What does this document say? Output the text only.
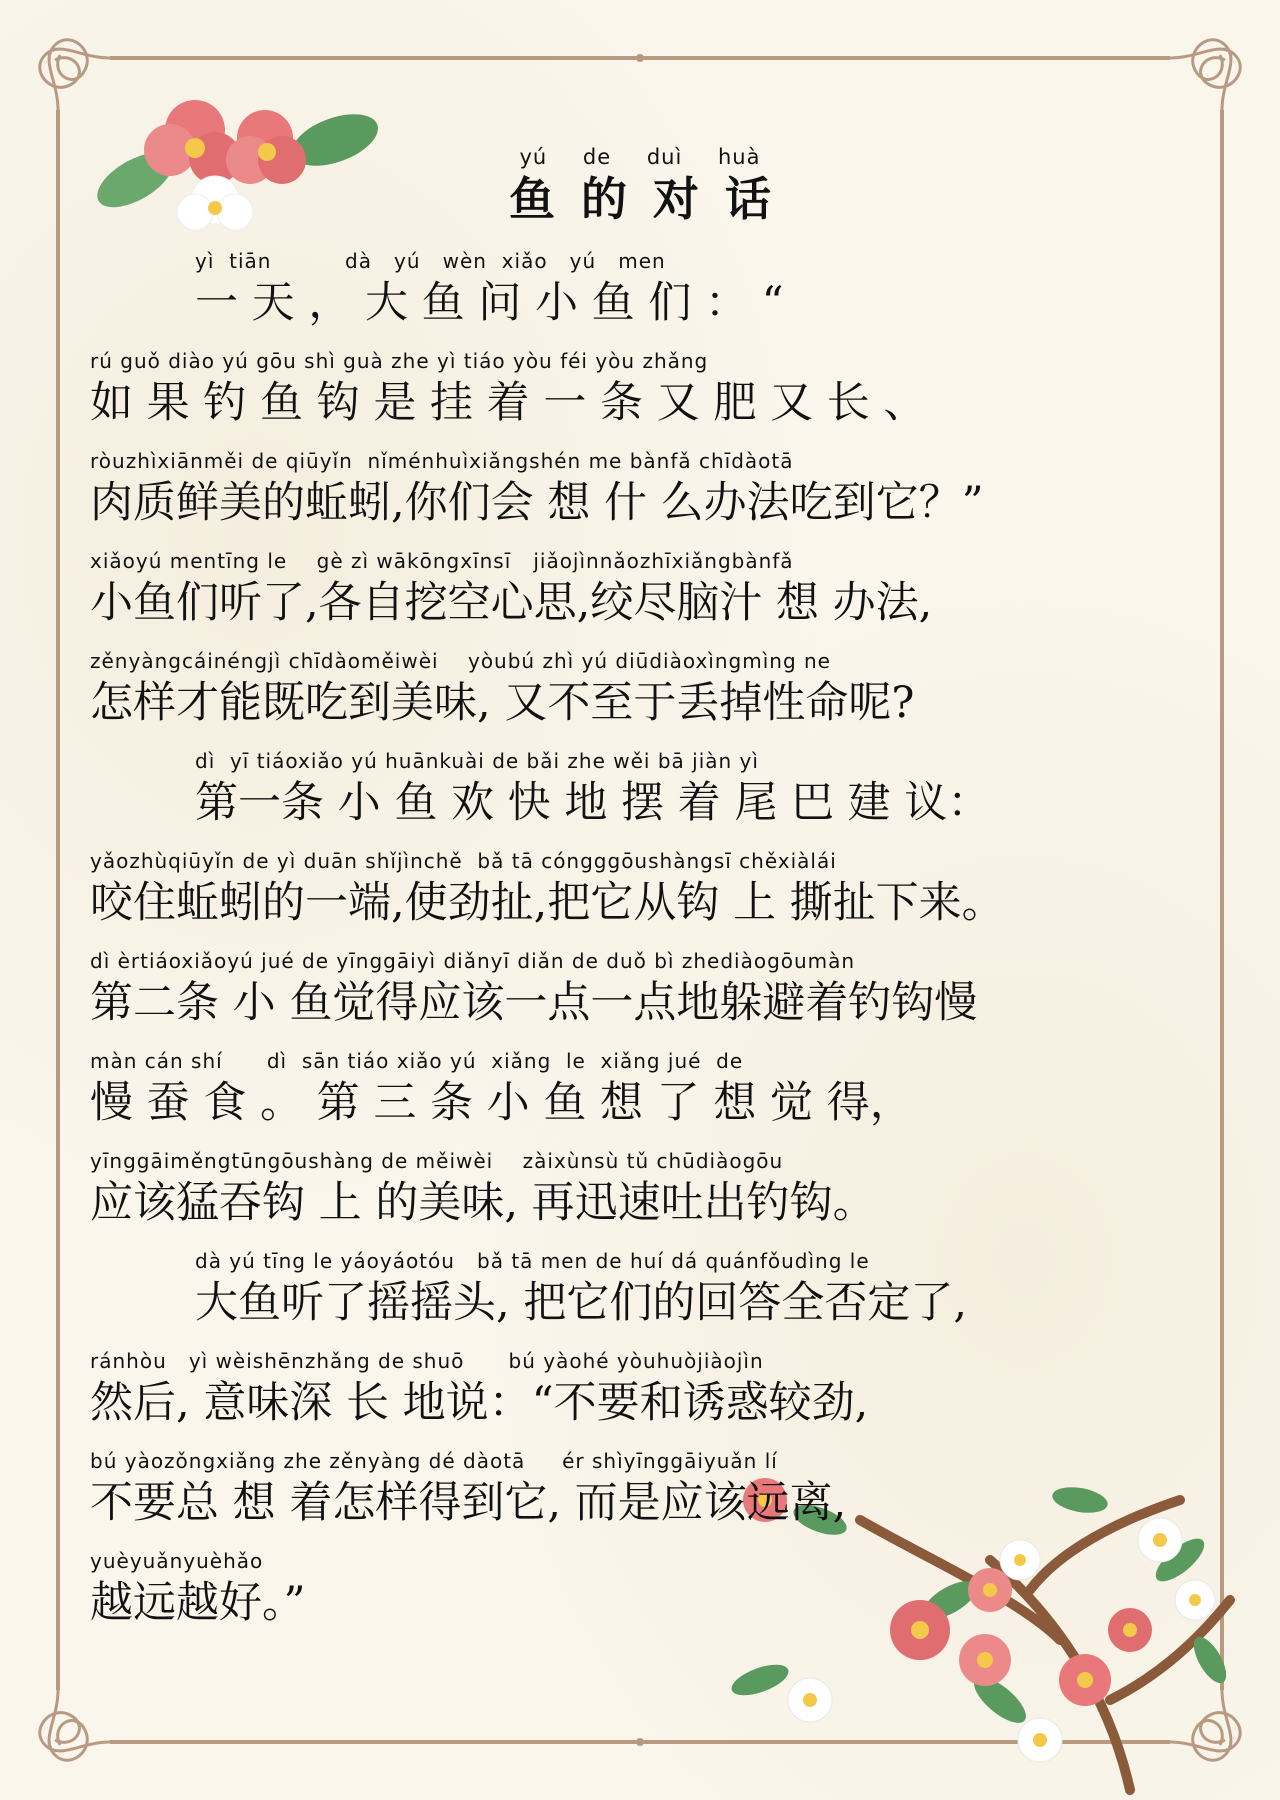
yú de duì huà
鱼的对话
yì  tiān          dà   yú   wèn  xiǎo   yú   men
一 天 ， 大 鱼 问 小 鱼 们 ： “
rú guǒ diào yú gōu shì guà zhe yì tiáo yòu féi yòu zhǎng
如 果 钓 鱼 钩 是 挂 着 一 条 又 肥 又 长 、
ròuzhìxiānměi de qiūyǐn  nǐménhuìxiǎngshén me bànfǎ chīdàotā
肉质鲜美的蚯蚓,你们会 想 什 么办法吃到它？”
xiǎoyú mentīng le    gè zì wākōngxīnsī   jiǎojìnnǎozhīxiǎngbànfǎ
小鱼们听了,各自挖空心思,绞尽脑汁 想 办法,
zěnyàngcáinéngjì chīdàoměiwèi    yòubú zhì yú diūdiàoxìngmìng ne
怎样才能既吃到美味, 又不至于丢掉性命呢?
dì  yī tiáoxiǎo yú huānkuài de bǎi zhe wěi bā jiàn yì
第一条 小 鱼 欢 快 地 摆 着 尾 巴 建 议：
yǎozhùqiūyǐn de yì duān shǐjìnchě  bǎ tā cóngggōushàngsī chěxiàlái
咬住蚯蚓的一端,使劲扯,把它从钩 上 撕扯下来。
dì èrtiáoxiǎoyú jué de yīnggāiyì diǎnyī diǎn de duǒ bì zhediàogōumàn
第二条 小 鱼觉得应该一点一点地躲避着钓钩慢
màn cán shí      dì  sān tiáo xiǎo yú  xiǎng  le  xiǎng jué  de
慢 蚕 食 。 第 三 条 小 鱼 想 了 想 觉 得，
yīnggāiměngtūngōushàng de měiwèi    zàixùnsù tǔ chūdiàogōu
应该猛吞钩 上 的美味, 再迅速吐出钓钩。
dà yú tīng le yáoyáotóu   bǎ tā men de huí dá quánfǒudìng le
大鱼听了摇摇头, 把它们的回答全否定了,
ránhòu   yì wèishēnzhǎng de shuō      bú yàohé yòuhuòjiàojìn
然后, 意味深 长 地说：“不要和诱惑较劲,
bú yàozǒngxiǎng zhe zěnyàng dé dàotā     ér shìyīnggāiyuǎn lí
不要总 想 着怎样得到它, 而是应该远离,
yuèyuǎnyuèhǎo
越远越好。”
